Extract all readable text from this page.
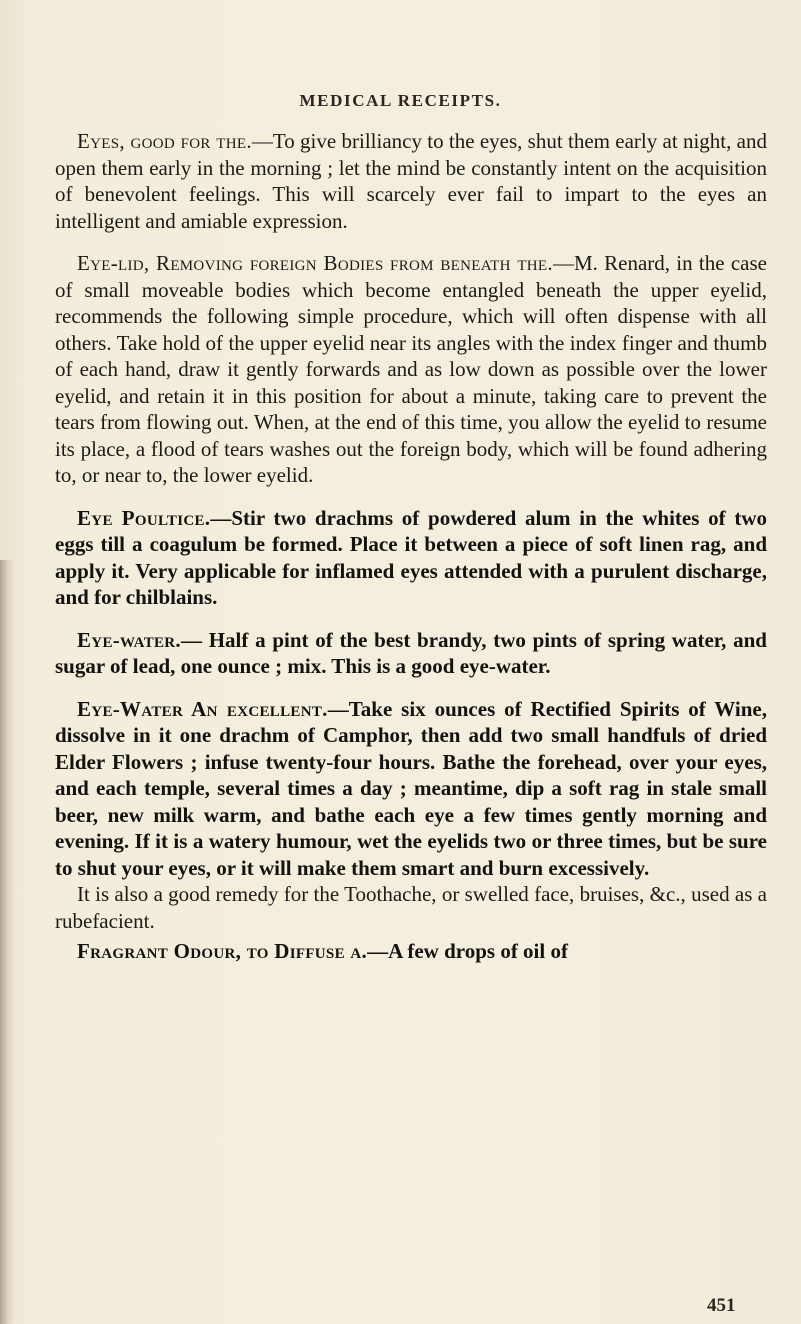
MEDICAL RECEIPTS.

Eyes, good for the.—To give brilliancy to the eyes, shut them early at night, and open them early in the morning ; let the mind be constantly intent on the acquisition of benevolent feelings. This will scarcely ever fail to impart to the eyes an intelligent and amiable expression.

Eye-lid, Removing foreign Bodies from beneath the.—M. Renard, in the case of small moveable bodies which become entangled beneath the upper eyelid, recommends the following simple procedure, which will often dispense with all others. Take hold of the upper eyelid near its angles with the index finger and thumb of each hand, draw it gently forwards and as low down as possible over the lower eyelid, and retain it in this position for about a minute, taking care to prevent the tears from flowing out. When, at the end of this time, you allow the eyelid to resume its place, a flood of tears washes out the foreign body, which will be found adhering to, or near to, the lower eyelid.

Eye Poultice.—Stir two drachms of powdered alum in the whites of two eggs till a coagulum be formed. Place it between a piece of soft linen rag, and apply it. Very applicable for inflamed eyes attended with a purulent discharge, and for chilblains.

Eye-water.— Half a pint of the best brandy, two pints of spring water, and sugar of lead, one ounce ; mix. This is a good eye-water.

Eye-Water An excellent.—Take six ounces of Rectified Spirits of Wine, dissolve in it one drachm of Camphor, then add two small handfuls of dried Elder Flowers ; infuse twenty-four hours. Bathe the forehead, over your eyes, and each temple, several times a day ; meantime, dip a soft rag in stale small beer, new milk warm, and bathe each eye a few times gently morning and evening. If it is a watery humour, wet the eyelids two or three times, but be sure to shut your eyes, or it will make them smart and burn excessively.

It is also a good remedy for the Toothache, or swelled face, bruises, &c., used as a rubefacient.

Fragrant Odour, to Diffuse a.—A few drops of oil of

451
